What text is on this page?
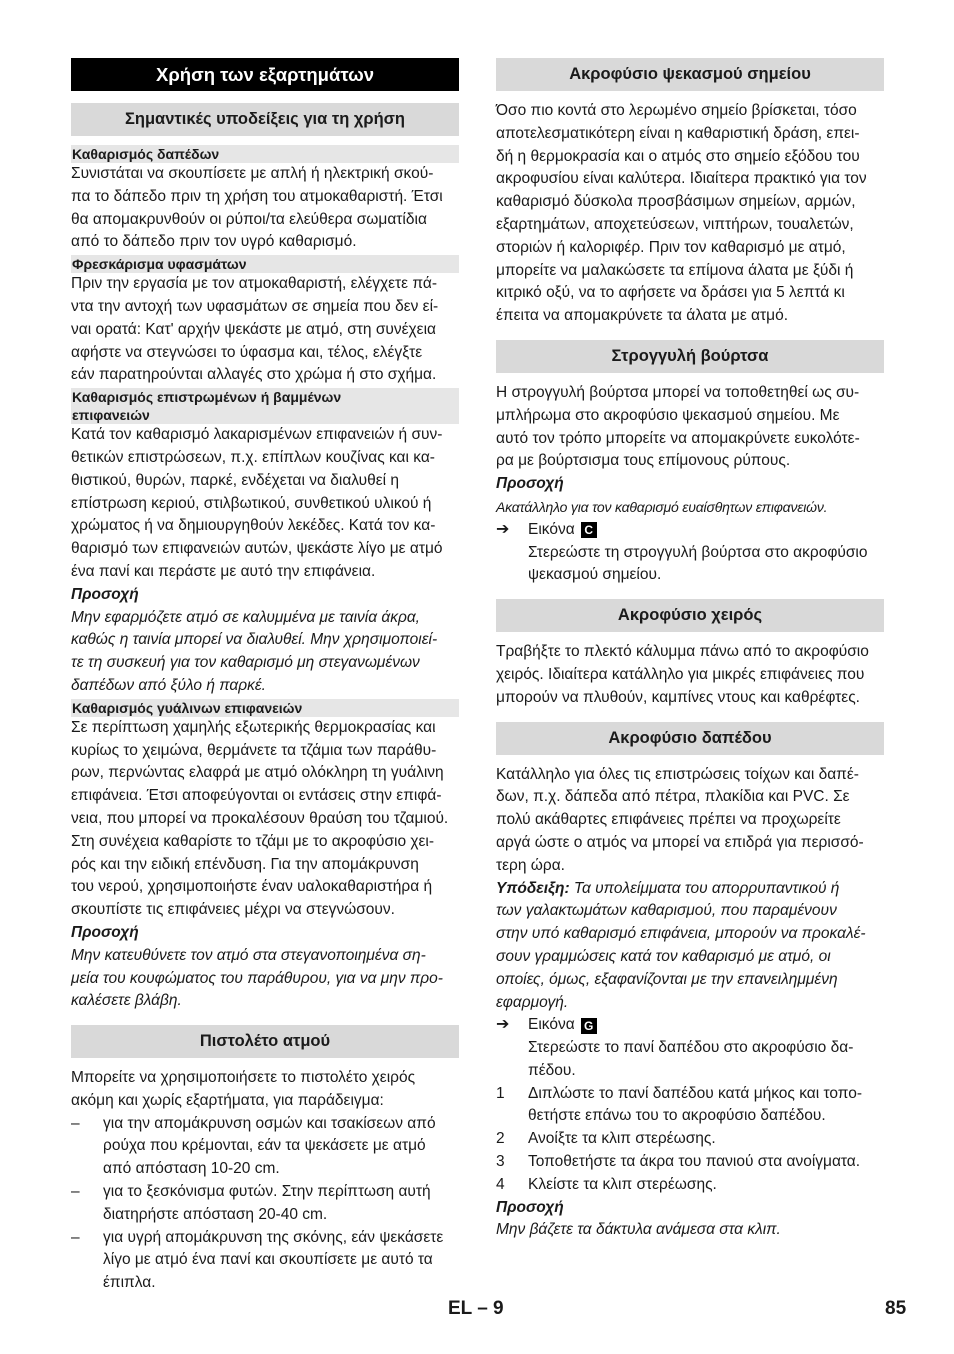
Χρήση των εξαρτημάτων
Σημαντικές υποδείξεις για τη χρήση
Καθαρισμός δαπέδων

Συνιστάται να σκουπίσετε με απλή ή ηλεκτρική σκού-

πα το δάπεδο πριν τη χρήση του ατμοκαθαριστή. Έτσι

θα απομακρυνθούν οι ρύποι/τα ελεύθερα σωματίδια

από το δάπεδο πριν τον υγρό καθαρισμό.

Φρεσκάρισμα υφασμάτων

Πριν την εργασία με τον ατμοκαθαριστή, ελέγχετε πά-

ντα την αντοχή των υφασμάτων σε σημεία που δεν εί-

ναι ορατά: Κατ' αρχήν ψεκάστε με ατμό, στη συνέχεια

αφήστε να στεγνώσει το ύφασμα και, τέλος, ελέγξτε

εάν παρατηρούνται αλλαγές στο χρώμα ή στο σχήμα.

Καθαρισμός επιστρωμένων ή βαμμένων
επιφανειών

Κατά τον καθαρισμό λακαρισμένων επιφανειών ή συν-

θετικών επιστρώσεων, π.χ. επίπλων κουζίνας και κα-

θιστικού, θυρών, παρκέ, ενδέχεται να διαλυθεί η

επίστρωση κεριού, στιλβωτικού, συνθετικού υλικού ή

χρώματος ή να δημιουργηθούν λεκέδες. Κατά τον κα-

θαρισμό των επιφανειών αυτών, ψεκάστε λίγο με ατμό

ένα πανί και περάστε με αυτό την επιφάνεια.

Προσοχή
Μην εφαρμόζετε ατμό σε καλυμμένα με ταινία άκρα,
καθώς η ταινία μπορεί να διαλυθεί. Μην χρησιμοποιεί-
τε τη συσκευή για τον καθαρισμό μη στεγανωμένων
δαπέδων από ξύλο ή παρκέ.
Καθαρισμός γυάλινων επιφανειών

Σε περίπτωση χαμηλής εξωτερικής θερμοκρασίας και

κυρίως το χειμώνα, θερμάνετε τα τζάμια των παράθυ-

ρων, περνώντας ελαφρά με ατμό ολόκληρη τη γυάλινη

επιφάνεια. Έτσι αποφεύγονται οι εντάσεις στην επιφά-

νεια, που μπορεί να προκαλέσουν θραύση του τζαμιού.

Στη συνέχεια καθαρίστε το τζάμι με το ακροφύσιο χει-

ρός και την ειδική επένδυση. Για την απομάκρυνση

του νερού, χρησιμοποιήστε έναν υαλοκαθαριστήρα ή

σκουπίστε τις επιφάνειες μέχρι να στεγνώσουν.

Προσοχή
Μην κατευθύνετε τον ατμό στα στεγανοποιημένα ση-
μεία του κουφώματος του παράθυρου, για να μην προ-
καλέσετε βλάβη.
Πιστολέτο ατμού

Μπορείτε να χρησιμοποιήσετε το πιστολέτο χειρός

ακόμη και χωρίς εξαρτήματα, για παράδειγμα:

–	για την απομάκρυνση οσμών και τσακίσεων από
ρούχα που κρέμονται, εάν τα ψεκάσετε με ατμό
από απόσταση 10-20 cm.
–	για το ξεσκόνισμα φυτών. Στην περίπτωση αυτή
διατηρήστε απόσταση 20-40 cm.
–	για υγρή απομάκρυνση της σκόνης, εάν ψεκάσετε
λίγο με ατμό ένα πανί και σκουπίσετε με αυτό τα
έπιπλα.
Ακροφύσιο ψεκασμού σημείου

Όσο πιο κοντά στο λερωμένο σημείο βρίσκεται, τόσο

αποτελεσματικότερη είναι η καθαριστική δράση, επει-

δή η θερμοκρασία και ο ατμός στο σημείο εξόδου του

ακροφυσίου είναι καλύτερα. Ιδιαίτερα πρακτικό για τον

καθαρισμό δύσκολα προσβάσιμων σημείων, αρμών,

εξαρτημάτων, αποχετεύσεων, νιπτήρων, τουαλετών,

στοριών ή καλοριφέρ. Πριν τον καθαρισμό με ατμό,

μπορείτε να μαλακώσετε τα επίμονα άλατα με ξύδι ή

κιτρικό οξύ, να το αφήσετε να δράσει για 5 λεπτά κι

έπειτα να απομακρύνετε τα άλατα με ατμό.

Στρογγυλή βούρτσα

Η στρογγυλή βούρτσα μπορεί να τοποθετηθεί ως συ-

μπλήρωμα στο ακροφύσιο ψεκασμού σημείου. Με

αυτό τον τρόπο μπορείτε να απομακρύνετε ευκολότε-

ρα με βούρτσισμα τους επίμονους ρύπους.

Προσοχή
Ακατάλληλο για τον καθαρισμό ευαίσθητων επιφανειών.
➔	Εικόνα C
Στερεώστε τη στρογγυλή βούρτσα στο ακροφύσιο
ψεκασμού σημείου.
Ακροφύσιο χειρός

Τραβήξτε το πλεκτό κάλυμμα πάνω από το ακροφύσιο

χειρός. Ιδιαίτερα κατάλληλο για μικρές επιφάνειες που

μπορούν να πλυθούν, καμπίνες ντους και καθρέφτες.

Ακροφύσιο δαπέδου

Κατάλληλο για όλες τις επιστρώσεις τοίχων και δαπέ-

δων, π.χ. δάπεδα από πέτρα, πλακίδια και PVC. Σε

πολύ ακάθαρτες επιφάνειες πρέπει να προχωρείτε

αργά ώστε ο ατμός να μπορεί να επιδρά για περισσό-

τερη ώρα.

Υπόδειξη: Τα υπολείμματα του απορρυπαντικού ή
των γαλακτωμάτων καθαρισμού, που παραμένουν
στην υπό καθαρισμό επιφάνεια, μπορούν να προκαλέ-
σουν γραμμώσεις κατά τον καθαρισμό με ατμό, οι
οποίες, όμως, εξαφανίζονται με την επανειλημμένη
εφαρμογή.
➔	Εικόνα G
Στερεώστε το πανί δαπέδου στο ακροφύσιο δα-
πέδου.
1	Διπλώστε το πανί δαπέδου κατά μήκος και τοπο-
θετήστε επάνω του το ακροφύσιο δαπέδου.
2	Ανοίξτε τα κλιπ στερέωσης.
3	Τοποθετήστε τα άκρα του πανιού στα ανοίγματα.
4	Κλείστε τα κλιπ στερέωσης.
Προσοχή
Μην βάζετε τα δάκτυλα ανάμεσα στα κλιπ.
EL – 9	85
